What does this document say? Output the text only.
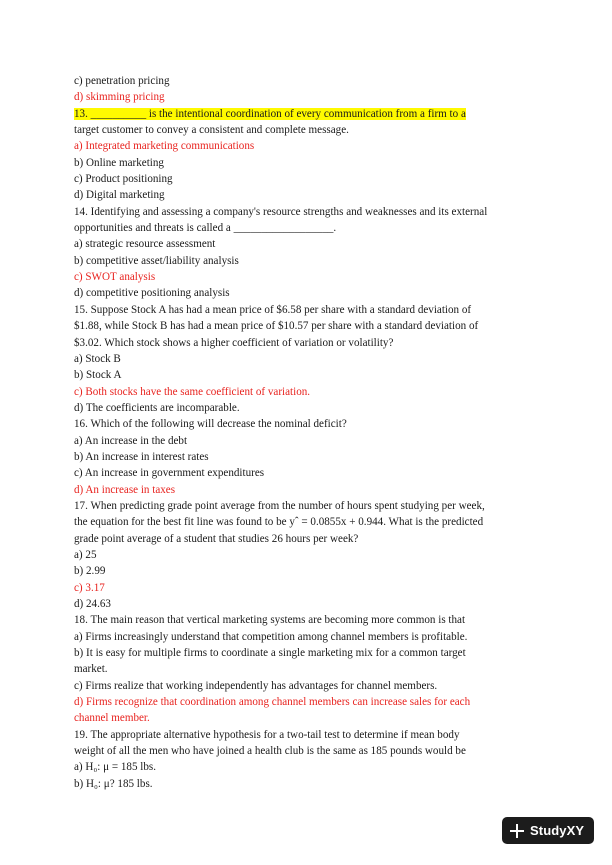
c) penetration pricing
d) skimming pricing
13. __________ is the intentional coordination of every communication from a firm to a
target customer to convey a consistent and complete message.
a) Integrated marketing communications
b) Online marketing
c) Product positioning
d) Digital marketing
14. Identifying and assessing a company's resource strengths and weaknesses and its external
opportunities and threats is called a __________________.
a) strategic resource assessment
b) competitive asset/liability analysis
c) SWOT analysis
d) competitive positioning analysis
15. Suppose Stock A has had a mean price of $6.58 per share with a standard deviation of
$1.88, while Stock B has had a mean price of $10.57 per share with a standard deviation of
$3.02. Which stock shows a higher coefficient of variation or volatility?
a) Stock B
b) Stock A
c) Both stocks have the same coefficient of variation.
d) The coefficients are incomparable.
16. Which of the following will decrease the nominal deficit?
a) An increase in the debt
b) An increase in interest rates
c) An increase in government expenditures
d) An increase in taxes
17. When predicting grade point average from the number of hours spent studying per week,
the equation for the best fit line was found to be yˆ = 0.0855x + 0.944. What is the predicted
grade point average of a student that studies 26 hours per week?
a) 25
b) 2.99
c) 3.17
d) 24.63
18. The main reason that vertical marketing systems are becoming more common is that
a) Firms increasingly understand that competition among channel members is profitable.
b) It is easy for multiple firms to coordinate a single marketing mix for a common target
market.
c) Firms realize that working independently has advantages for channel members.
d) Firms recognize that coordination among channel members can increase sales for each
channel member.
19. The appropriate alternative hypothesis for a two-tail test to determine if mean body
weight of all the men who have joined a health club is the same as 185 pounds would be
a) H₀: μ = 185 lbs.
b) H₀: μ? 185 lbs.
StudyXY
